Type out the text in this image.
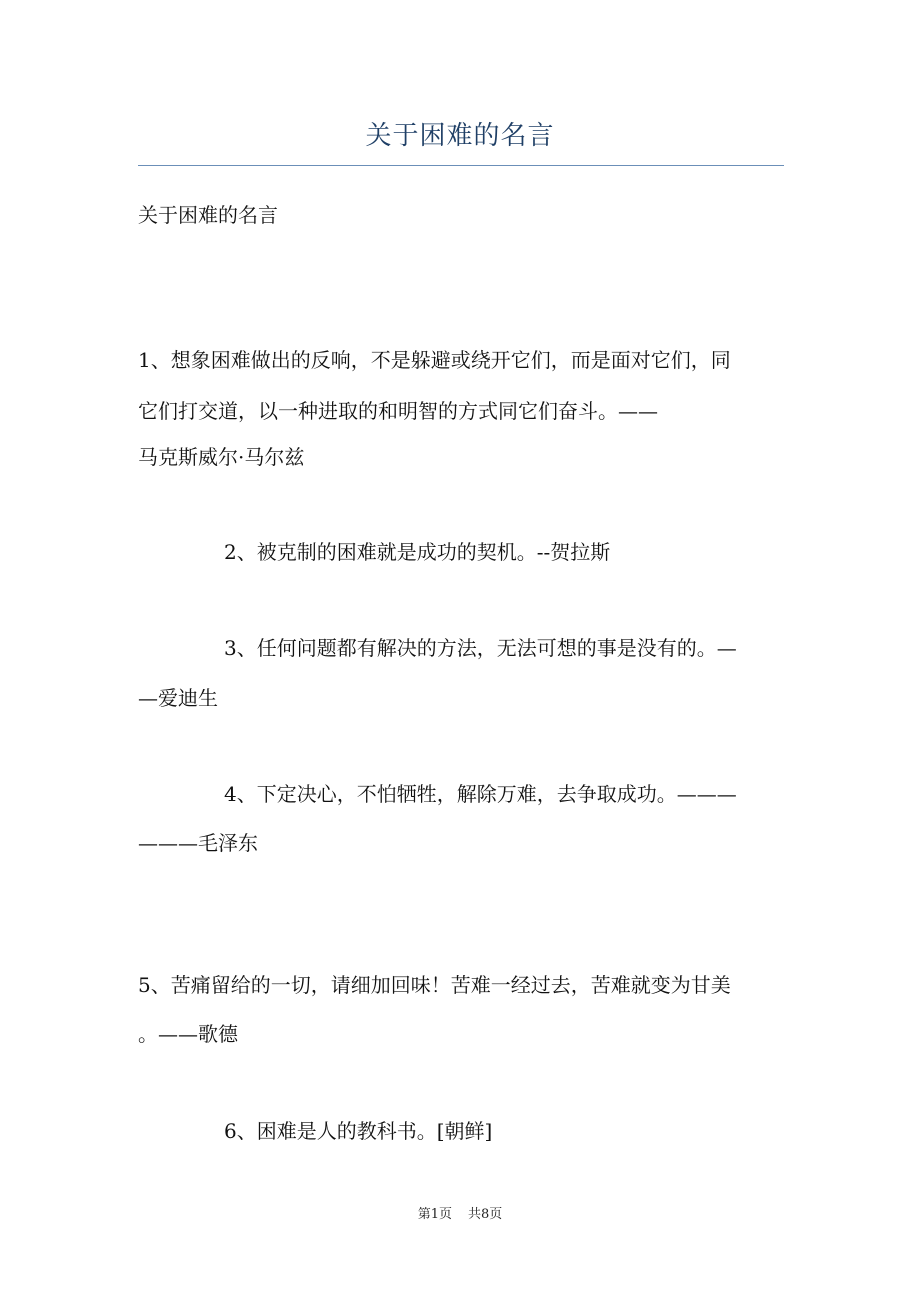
关于困难的名言
关于困难的名言
1、想象困难做出的反响，不是躲避或绕开它们，而是面对它们，同
它们打交道，以一种进取的和明智的方式同它们奋斗。——
马克斯威尔·马尔兹
2、被克制的困难就是成功的契机。--贺拉斯
3、任何问题都有解决的方法，无法可想的事是没有的。—
—爱迪生
4、下定决心，不怕牺牲，解除万难，去争取成功。———
———毛泽东
5、苦痛留给的一切，请细加回味！苦难一经过去，苦难就变为甘美
。——歌德
6、困难是人的教科书。[朝鲜]
第1页 共8页
